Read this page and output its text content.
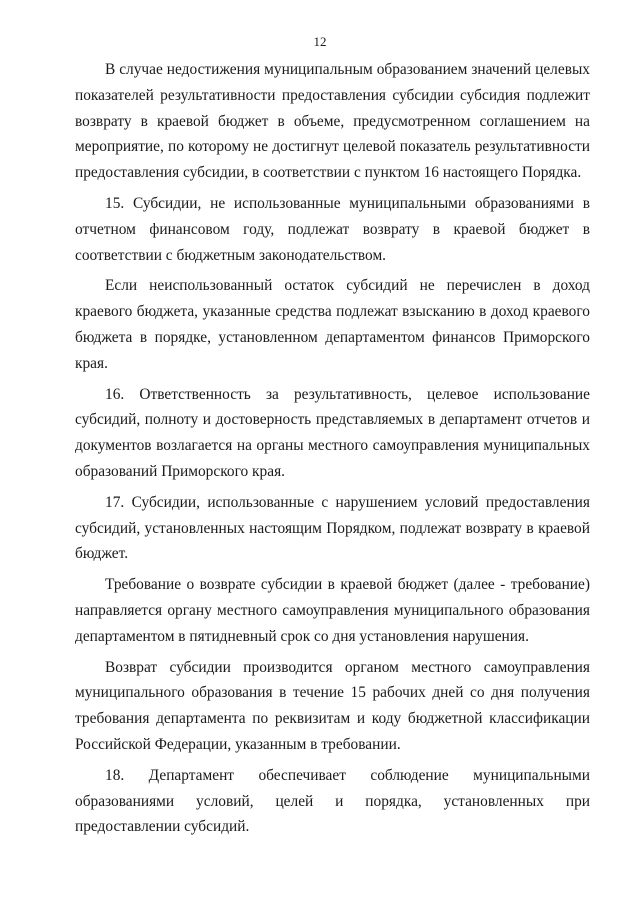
12

В случае недостижения муниципальным образованием значений целевых показателей результативности предоставления субсидии субсидия подлежит возврату в краевой бюджет в объеме, предусмотренном соглашением на мероприятие, по которому не достигнут целевой показатель результативности предоставления субсидии, в соответствии с пунктом 16 настоящего Порядка.

15. Субсидии, не использованные муниципальными образованиями в отчетном финансовом году, подлежат возврату в краевой бюджет в соответствии с бюджетным законодательством.

Если неиспользованный остаток субсидий не перечислен в доход краевого бюджета, указанные средства подлежат взысканию в доход краевого бюджета в порядке, установленном департаментом финансов Приморского края.

16. Ответственность за результативность, целевое использование субсидий, полноту и достоверность представляемых в департамент отчетов и документов возлагается на органы местного самоуправления муниципальных образований Приморского края.

17. Субсидии, использованные с нарушением условий предоставления субсидий, установленных настоящим Порядком, подлежат возврату в краевой бюджет.

Требование о возврате субсидии в краевой бюджет (далее - требование) направляется органу местного самоуправления муниципального образования департаментом в пятидневный срок со дня установления нарушения.

Возврат субсидии производится органом местного самоуправления муниципального образования в течение 15 рабочих дней со дня получения требования департамента по реквизитам и коду бюджетной классификации Российской Федерации, указанным в требовании.

18. Департамент обеспечивает соблюдение муниципальными образованиями условий, целей и порядка, установленных при предоставлении субсидий.
